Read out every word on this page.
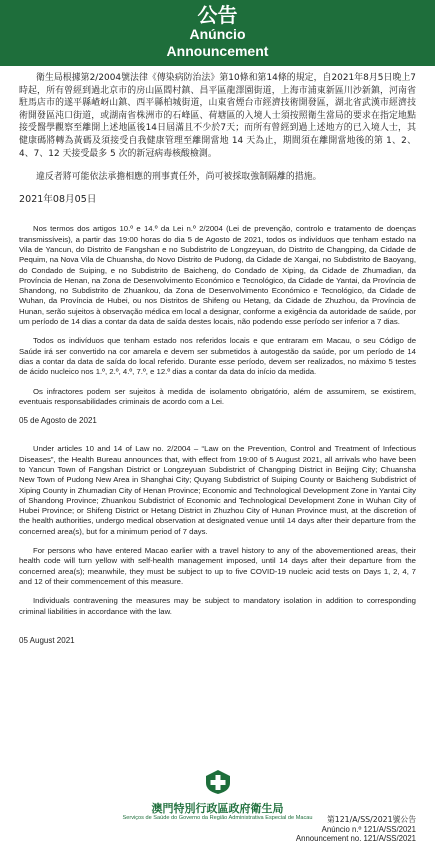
公告
Anúncio
Announcement

衛生局根據第2/2004號法律《傳染病防治法》第10條和第14條的規定，自2021年8月5日晚上7時起，所有曾經到過北京市的房山區閻村鎮、昌平區龍澤園街道，上海市浦東新區川沙新鎮，河南省駐馬店市的遂平縣嵖岈山鎮、西平縣柏城街道，山東省煙台市經濟技術開發區，湖北省武漢市經濟技術開發區沌口街道，或湖南省株洲市的石峰區、荷塘區的入境人士須按照衛生當局的要求在指定地點接受醫學觀察至離開上述地區後14日屆滿且不少於7天；而所有曾經到過上述地方的已入境人士，其健康碼將轉為黃碼及須接受自我健康管理至離開當地 14 天為止，期間須在離開當地後的第 1、2、4、7、12 天接受最多 5 次的新冠病毒核酸檢測。

違反者將可能依法承擔相應的刑事責任外，尚可被採取強制隔離的措施。

2021年08月05日

Nos termos dos artigos 10.º e 14.º da Lei n.º 2/2004 (Lei de prevenção, controlo e tratamento de doenças transmissíveis), a partir das 19:00 horas do dia 5 de Agosto de 2021, todos os indivíduos que tenham estado na Vila de Yancun, do Distrito de Fangshan e no Subdistrito de Longzeyuan, do Distrito de Changping, da Cidade de Pequim, na Nova Vila de Chuansha, do Novo Distrito de Pudong, da Cidade de Xangai, no Subdistrito de Baoyang, do Condado de Suiping, e no Subdistrito de Baicheng, do Condado de Xiping, da Cidade de Zhumadian, da Província de Henan, na Zona de Desenvolvimento Económico e Tecnológico, da Cidade de Yantai, da Província de Shandong, no Subdistrito de Zhuankou, da Zona de Desenvolvimento Económico e Tecnológico, da Cidade de Wuhan, da Província de Hubei, ou nos Distritos de Shifeng ou Hetang, da Cidade de Zhuzhou, da Província de Hunan, serão sujeitos à observação médica em local a designar, conforme a exigência da autoridade de saúde, por um período de 14 dias a contar da data de saída destes locais, não podendo esse período ser inferior a 7 dias.

Todos os indivíduos que tenham estado nos referidos locais e que entraram em Macau, o seu Código de Saúde irá ser convertido na cor amarela e devem ser submetidos à autogestão da saúde, por um período de 14 dias a contar da data de saída do local referido. Durante esse período, devem ser realizados, no máximo 5 testes de ácido nucleico nos 1.º, 2.º, 4.º, 7.º, e 12.º dias a contar da data do início da medida.

Os infractores podem ser sujeitos à medida de isolamento obrigatório, além de assumirem, se existirem, eventuais responsabilidades criminais de acordo com a Lei.

05 de Agosto de 2021

Under articles 10 and 14 of Law no. 2/2004 – “Law on the Prevention, Control and Treatment of Infectious Diseases”, the Health Bureau announces that, with effect from 19:00 of 5 August 2021, all arrivals who have been to Yancun Town of Fangshan District or Longzeyuan Subdistrict of Changping District in Beijing City; Chuansha New Town of Pudong New Area in Shanghai City; Quyang Subdistrict of Suiping County or Baicheng Subdistrict of Xiping County in Zhumadian City of Henan Province; Economic and Technological Development Zone in Yantai City of Shandong Province; Zhuankou Subdistrict of Economic and Technological Development Zone in Wuhan City of Hubei Province; or Shifeng District or Hetang District in Zhuzhou City of Hunan Province must, at the discretion of the health authorities, undergo medical observation at designated venue until 14 days after their departure from the concerned area(s), but for a minimum period of 7 days.

For persons who have entered Macao earlier with a travel history to any of the abovementioned areas, their health code will turn yellow with self-health management imposed, until 14 days after their departure from the concerned area(s); meanwhile, they must be subject to up to five COVID-19 nucleic acid tests on Days 1, 2, 4, 7 and 12 of their commencement of this measure.

Individuals contravening the measures may be subject to mandatory isolation in addition to corresponding criminal liabilities in accordance with the law.

05 August 2021

澳門特別行政區政府衛生局
Serviços de Saúde do Governo da Região Administrativa Especial de Macau	第121/A/SS/2021號公告
Anúncio n.º 121/A/SS/2021
Announcement no. 121/A/SS/2021
